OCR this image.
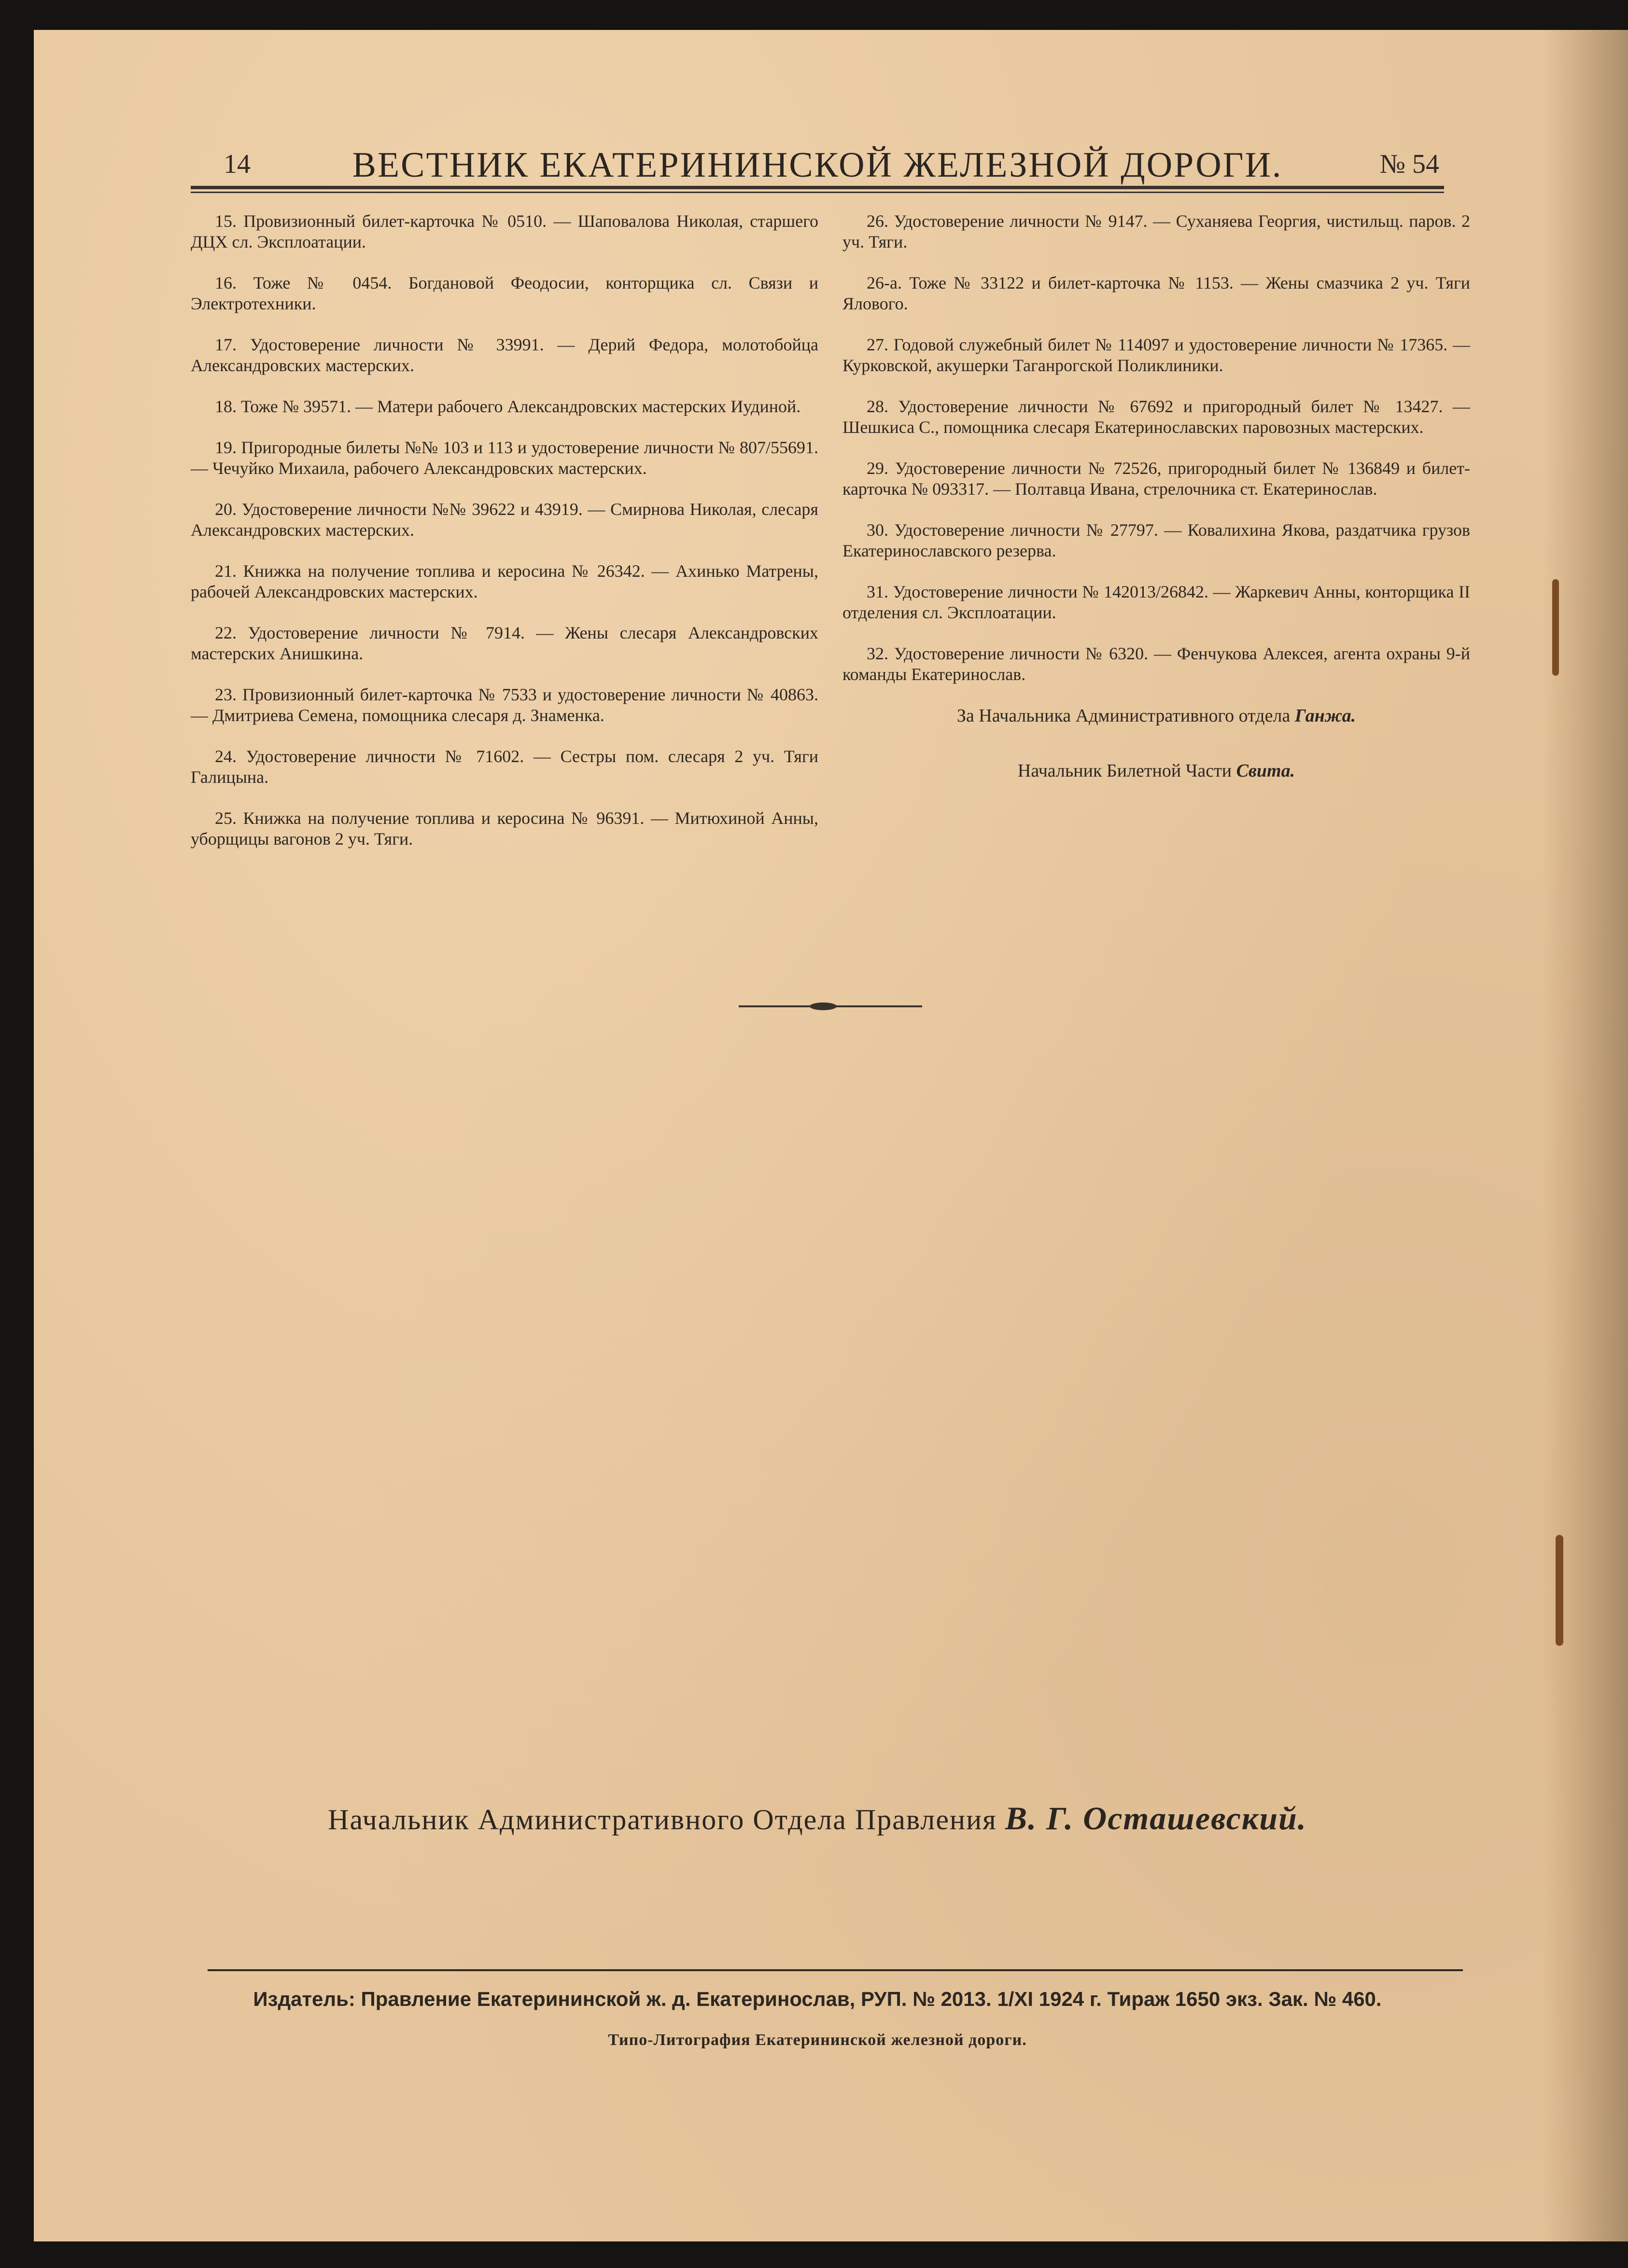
14	ВЕСТНИК ЕКАТЕРИНИНСКОЙ ЖЕЛЕЗНОЙ ДОРОГИ.	№ 54

15. Провизионный билет-карточка № 0510. — Шаповалова Николая, старшего ДЦХ сл. Эксплоатации.

16. Тоже № 0454. Богдановой Феодосии, конторщика сл. Связи и Электротехники.

17. Удостоверение личности № 33991. — Дерий Федора, молотобойца Александровских мастерских.

18. Тоже № 39571. — Матери рабочего Александровских мастерских Иудиной.

19. Пригородные билеты №№ 103 и 113 и удостоверение личности № 807/55691. — Чечуйко Михаила, рабочего Александровских мастерских.

20. Удостоверение личности №№ 39622 и 43919. — Смирнова Николая, слесаря Александровских мастерских.

21. Книжка на получение топлива и керосина № 26342. — Ахинько Матрены, рабочей Александровских мастерских.

22. Удостоверение личности № 7914. — Жены слесаря Александровских мастерских Анишкина.

23. Провизионный билет-карточка № 7533 и удостоверение личности № 40863. — Дмитриева Семена, помощника слесаря д. Знаменка.

24. Удостоверение личности № 71602. — Сестры пом. слесаря 2 уч. Тяги Галицына.

25. Книжка на получение топлива и керосина № 96391. — Митюхиной Анны, уборщицы вагонов 2 уч. Тяги.

26. Удостоверение личности № 9147. — Суханяева Георгия, чистильщ. паров. 2 уч. Тяги.

26-а. Тоже № 33122 и билет-карточка № 1153. — Жены смазчика 2 уч. Тяги Ялового.

27. Годовой служебный билет № 114097 и удостоверение личности № 17365. — Курковской, акушерки Таганрогской Поликлиники.

28. Удостоверение личности № 67692 и пригородный билет № 13427. — Шешкиса С., помощника слесаря Екатеринославских паровозных мастерских.

29. Удостоверение личности № 72526, пригородный билет № 136849 и билет-карточка № 093317. — Полтавца Ивана, стрелочника ст. Екатеринослав.

30. Удостоверение личности № 27797. — Ковалихина Якова, раздатчика грузов Екатеринославского резерва.

31. Удостоверение личности № 142013/26842. — Жаркевич Анны, конторщика II отделения сл. Эксплоатации.

32. Удостоверение личности № 6320. — Фенчукова Алексея, агента охраны 9-й команды Екатеринослав.

За Начальника Административного отдела Ганжа.
Начальник Билетной Части Свита.
Начальник Административного Отдела Правления В. Г. Осташевский.
Издатель: Правление Екатерининской ж. д. Екатеринослав, РУП. № 2013. 1/XI 1924 г. Тираж 1650 экз. Зак. № 460.
Типо-Литография Екатерининской железной дороги.
